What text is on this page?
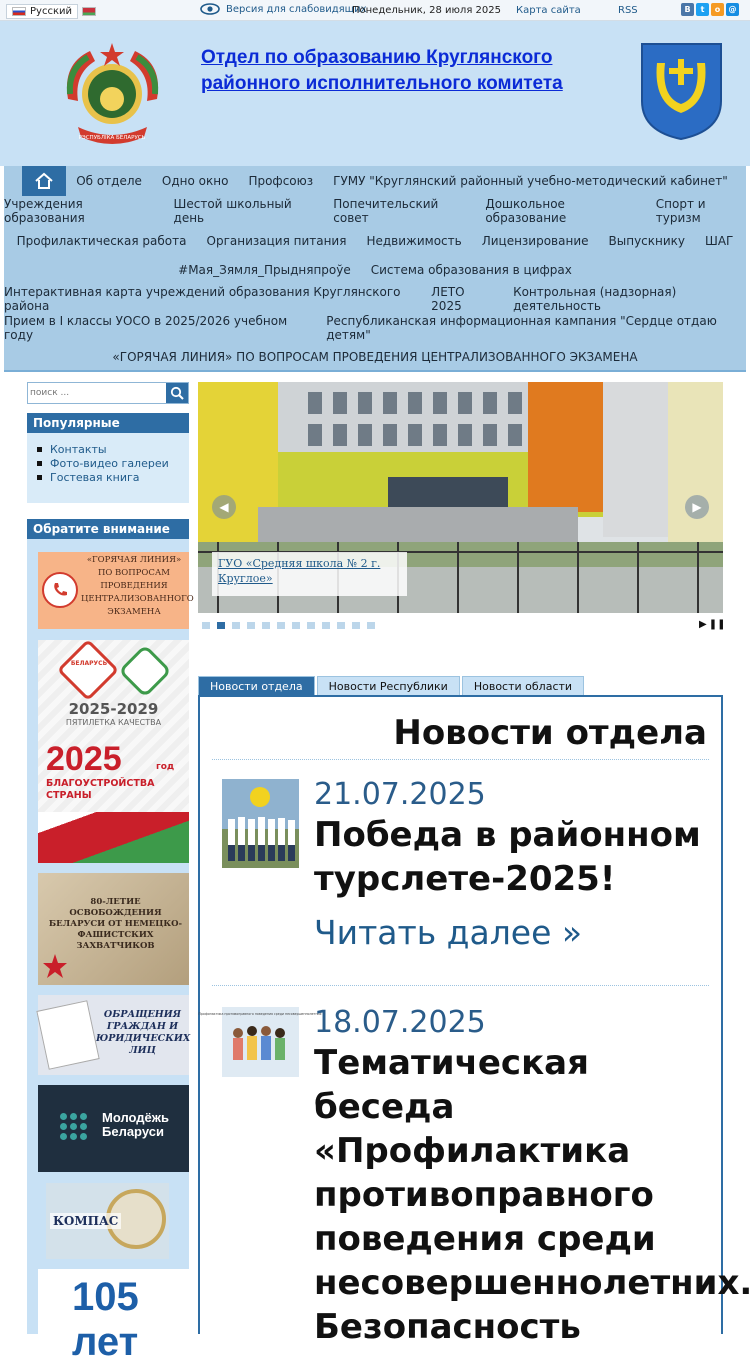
Русский	Версия для слабовидящих
Понедельник, 28 июля 2025 Карта сайта	RSS	B	t	o	@
РЭСПУБЛІКА БЕЛАРУСЬ
Отдел по образованию Круглянского районного исполнительного комитета
Об отделе Одно окно Профсоюз ГУМУ "Круглянский районный учебно-методический кабинет"
Учреждения образования
Шестой школьный день
Попечительский совет
Дошкольное образование
Спорт и туризм
Профилактическая работа Организация питания Недвижимость Лицензирование Выпускнику ШАГ
#Мая_Зямля_Прыдняпроўе Система образования в цифрах
Интерактивная карта учреждений образования Круглянского района
ЛЕТО 2025
Контрольная (надзорная) деятельность
Прием в I классы УОСО в 2025/2026 учебном году
Республиканская информационная кампания "Сердце отдаю детям"
«ГОРЯЧАЯ ЛИНИЯ» ПО ВОПРОСАМ ПРОВЕДЕНИЯ ЦЕНТРАЛИЗОВАННОГО ЭКЗАМЕНА
поиск ...
Популярные
Контакты
Фото-видео галереи
Гостевая книга
Обратите внимание
«ГОРЯЧАЯ ЛИНИЯ» ПО ВОПРОСАМ ПРОВЕДЕНИЯ ЦЕНТРАЛИЗОВАННОГО ЭКЗАМЕНА
БЕЛАРУСЬ
2025-2029
ПЯТИЛЕТКА КАЧЕСТВА
2025	год
БЛАГОУСТРОЙСТВА СТРАНЫ
80-ЛЕТИЕ ОСВОБОЖДЕНИЯ БЕЛАРУСИ ОТ НЕМЕЦКО-ФАШИСТСКИХ ЗАХВАТЧИКОВ
ОБРАЩЕНИЯ ГРАЖДАН И ЮРИДИЧЕСКИХ ЛИЦ
Молодёжь Беларуси
КОМПАС
105 лет
◀	▶
ГУО «Средняя школа № 2 г. Круглое»
▶ ❚❚
Новости отдела	Новости Республики	Новости области
Новости отдела
21.07.2025
Победа в районном турслете-2025!
Читать далее »
Профилактика противоправного поведения среди несовершеннолетних
18.07.2025
Тематическая беседа «Профилактика противоправного поведения среди несовершеннолетних. Безопасность
